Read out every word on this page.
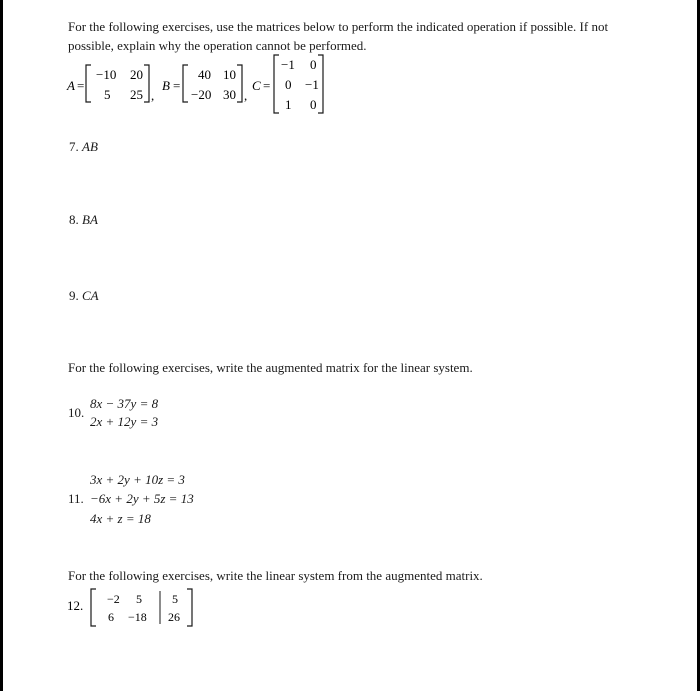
For the following exercises, use the matrices below to perform the indicated operation if possible. If not
possible, explain why the operation cannot be performed.
A =
−10 20
5 25 ,
B =
40 10
−20 30 ,
C =
−1 0
0 −1
1 0
7. AB
8. BA
9. CA
For the following exercises, write the augmented matrix for the linear system.
10.
8x − 37y = 8
2x + 12y = 3
3x + 2y + 10z = 3
11. −6x + 2y + 5z = 13
4x + z = 18
For the following exercises, write the linear system from the augmented matrix.
12. −2 5	5
6 −18 26
